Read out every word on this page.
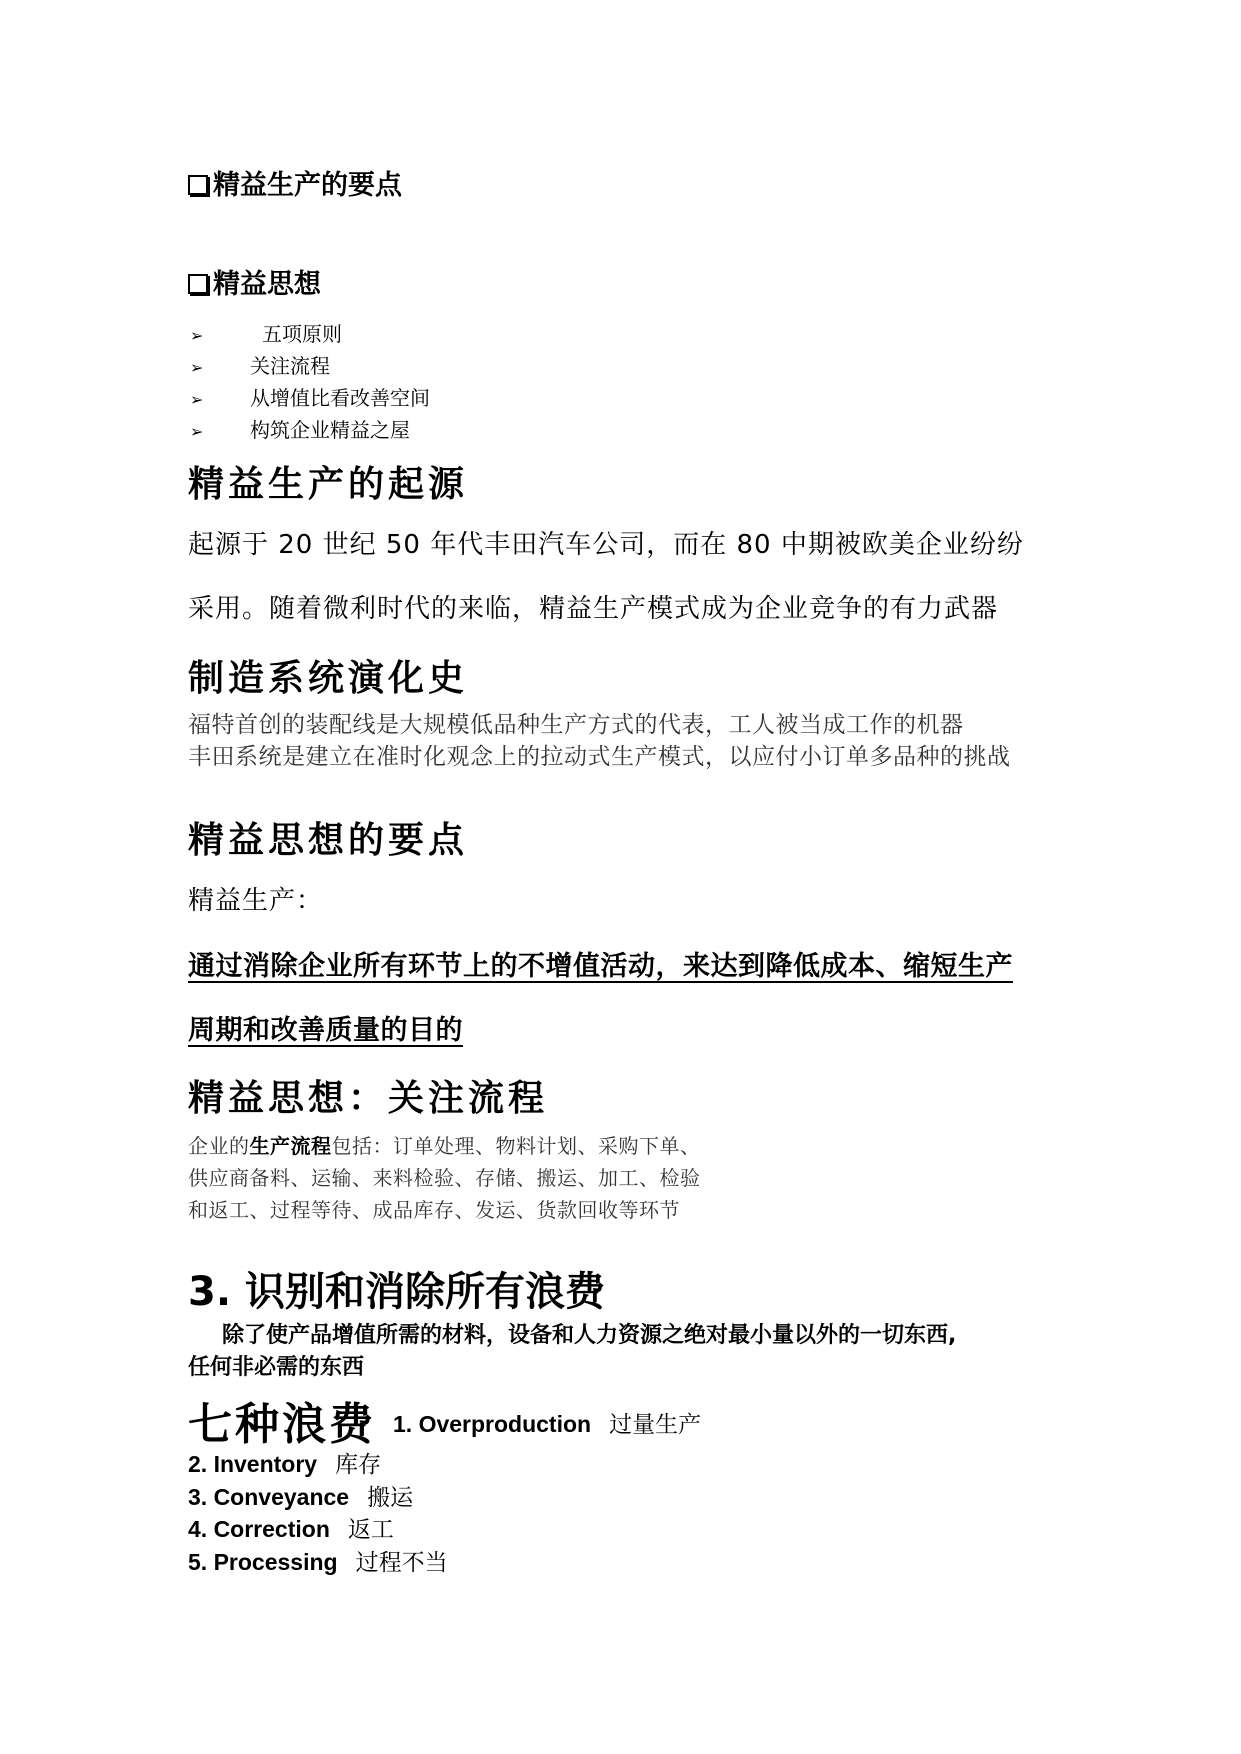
精益生产的要点
精益思想
➢	五项原则
➢ 关注流程
➢ 从增值比看改善空间
➢ 构筑企业精益之屋
精益生产的起源
起源于 20 世纪 50 年代丰田汽车公司，而在 80 中期被欧美企业纷纷
采用。随着微利时代的来临，精益生产模式成为企业竞争的有力武器
制造系统演化史
福特首创的装配线是大规模低品种生产方式的代表，工人被当成工作的机器
丰田系统是建立在准时化观念上的拉动式生产模式，以应付小订单多品种的挑战
精益思想的要点
精益生产：
通过消除企业所有环节上的不增值活动，来达到降低成本、缩短生产
周期和改善质量的目的
精益思想：关注流程
企业的生产流程包括：订单处理、物料计划、采购下单、
供应商备料、运输、来料检验、存储、搬运、加工、检验
和返工、过程等待、成品库存、发运、货款回收等环节
3. 识别和消除所有浪费
除了使产品增值所需的材料，设备和人力资源之绝对最小量以外的一切东西,
任何非必需的东西
七种浪费 1. Overproduction 过量生产
2. Inventory 库存
3. Conveyance 搬运
4. Correction 返工
5. Processing 过程不当
